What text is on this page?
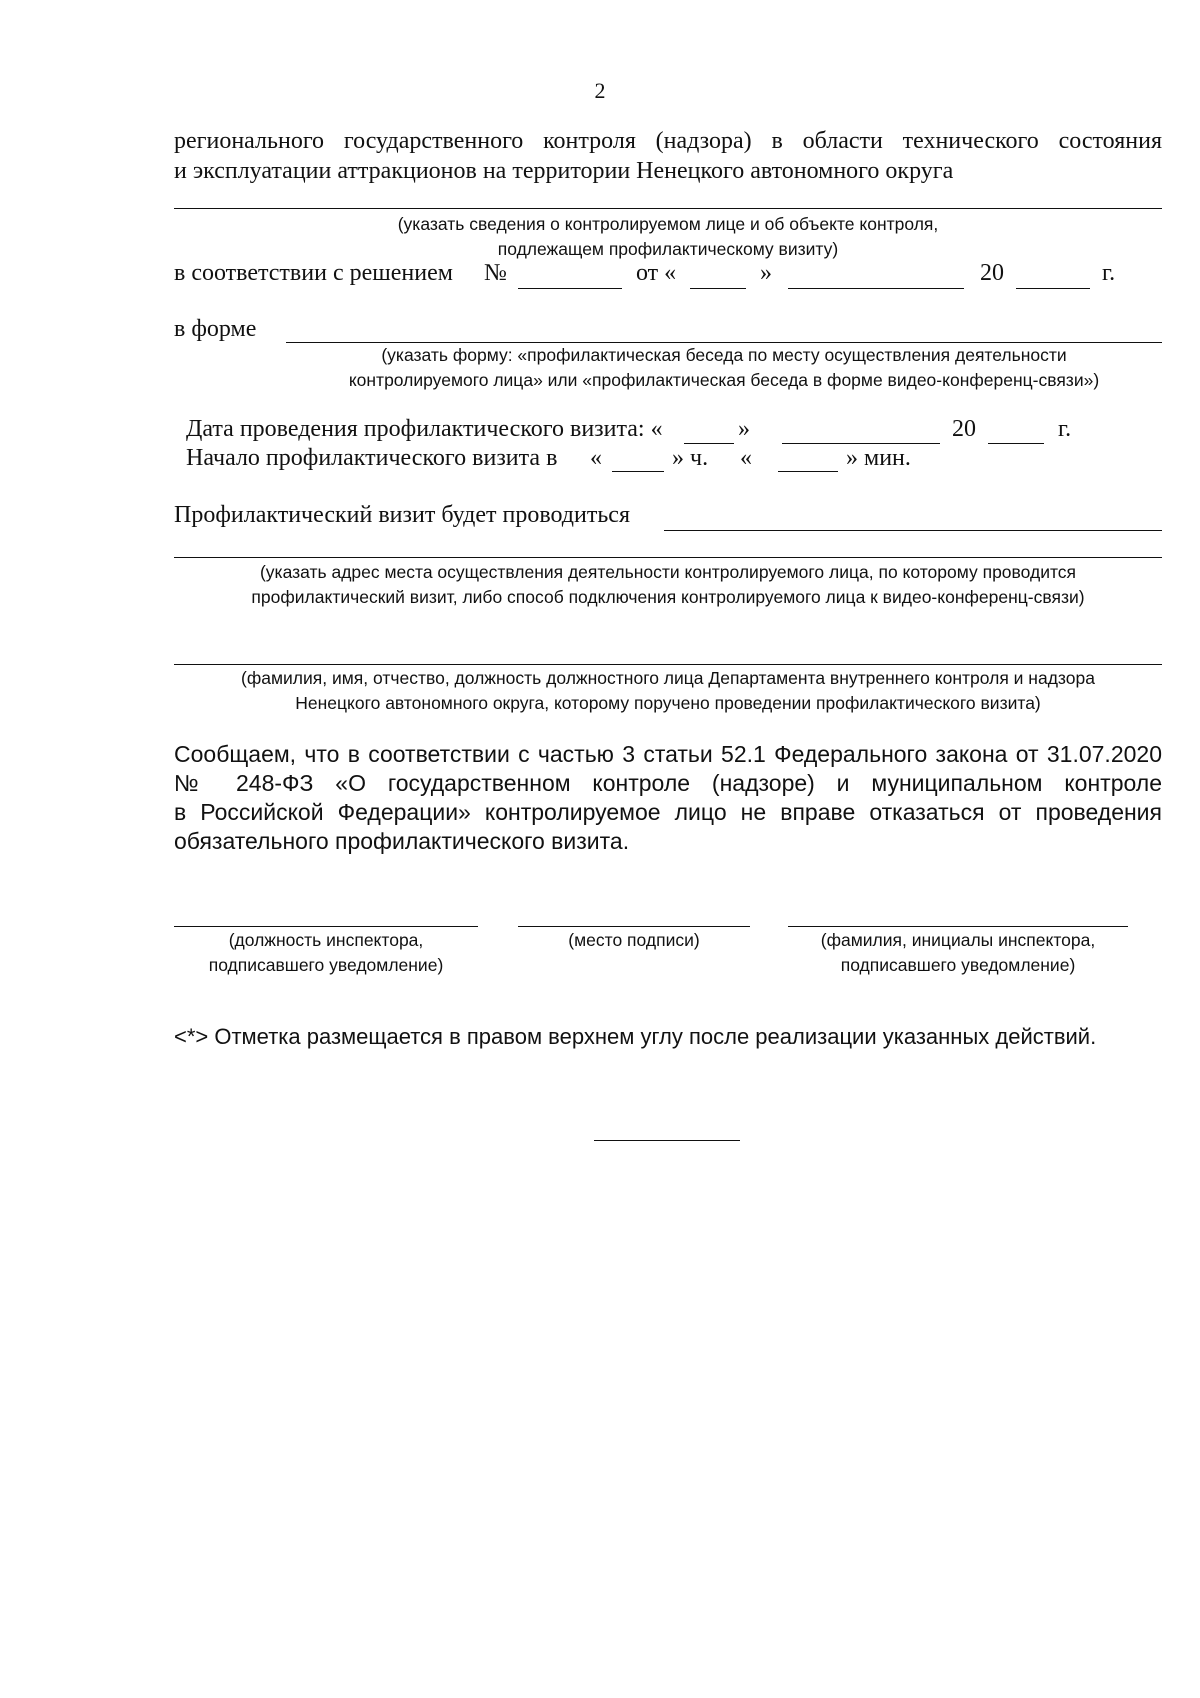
2
регионального государственного контроля (надзора) в области технического состояния
и эксплуатации аттракционов на территории Ненецкого автономного округа
(указать сведения о контролируемом лице и об объекте контроля,
подлежащем профилактическому визиту)
в соответствии с решением №	от «	»	20	г.
в форме
(указать форму: «профилактическая беседа по месту осуществления деятельности
контролируемого лица» или «профилактическая беседа в форме видео-конференц-связи»)
Дата проведения профилактического визита: «	»	20	г.
Начало профилактического визита в «	» ч. «	» мин.
Профилактический визит будет проводиться
(указать адрес места осуществления деятельности контролируемого лица, по которому проводится
профилактический визит, либо способ подключения контролируемого лица к видео-конференц-связи)
(фамилия, имя, отчество, должность должностного лица Департамента внутреннего контроля и надзора
Ненецкого автономного округа, которому поручено проведении профилактического визита)
Сообщаем, что в соответствии с частью 3 статьи 52.1 Федерального закона от 31.07.2020
№ 248-ФЗ «О государственном контроле (надзоре) и муниципальном контроле
в Российской Федерации» контролируемое лицо не вправе отказаться от проведения
обязательного профилактического визита.
(должность инспектора,
подписавшего уведомление)
(место подписи)	(фамилия, инициалы инспектора,
подписавшего уведомление)
<*> Отметка размещается в правом верхнем углу после реализации указанных действий.
